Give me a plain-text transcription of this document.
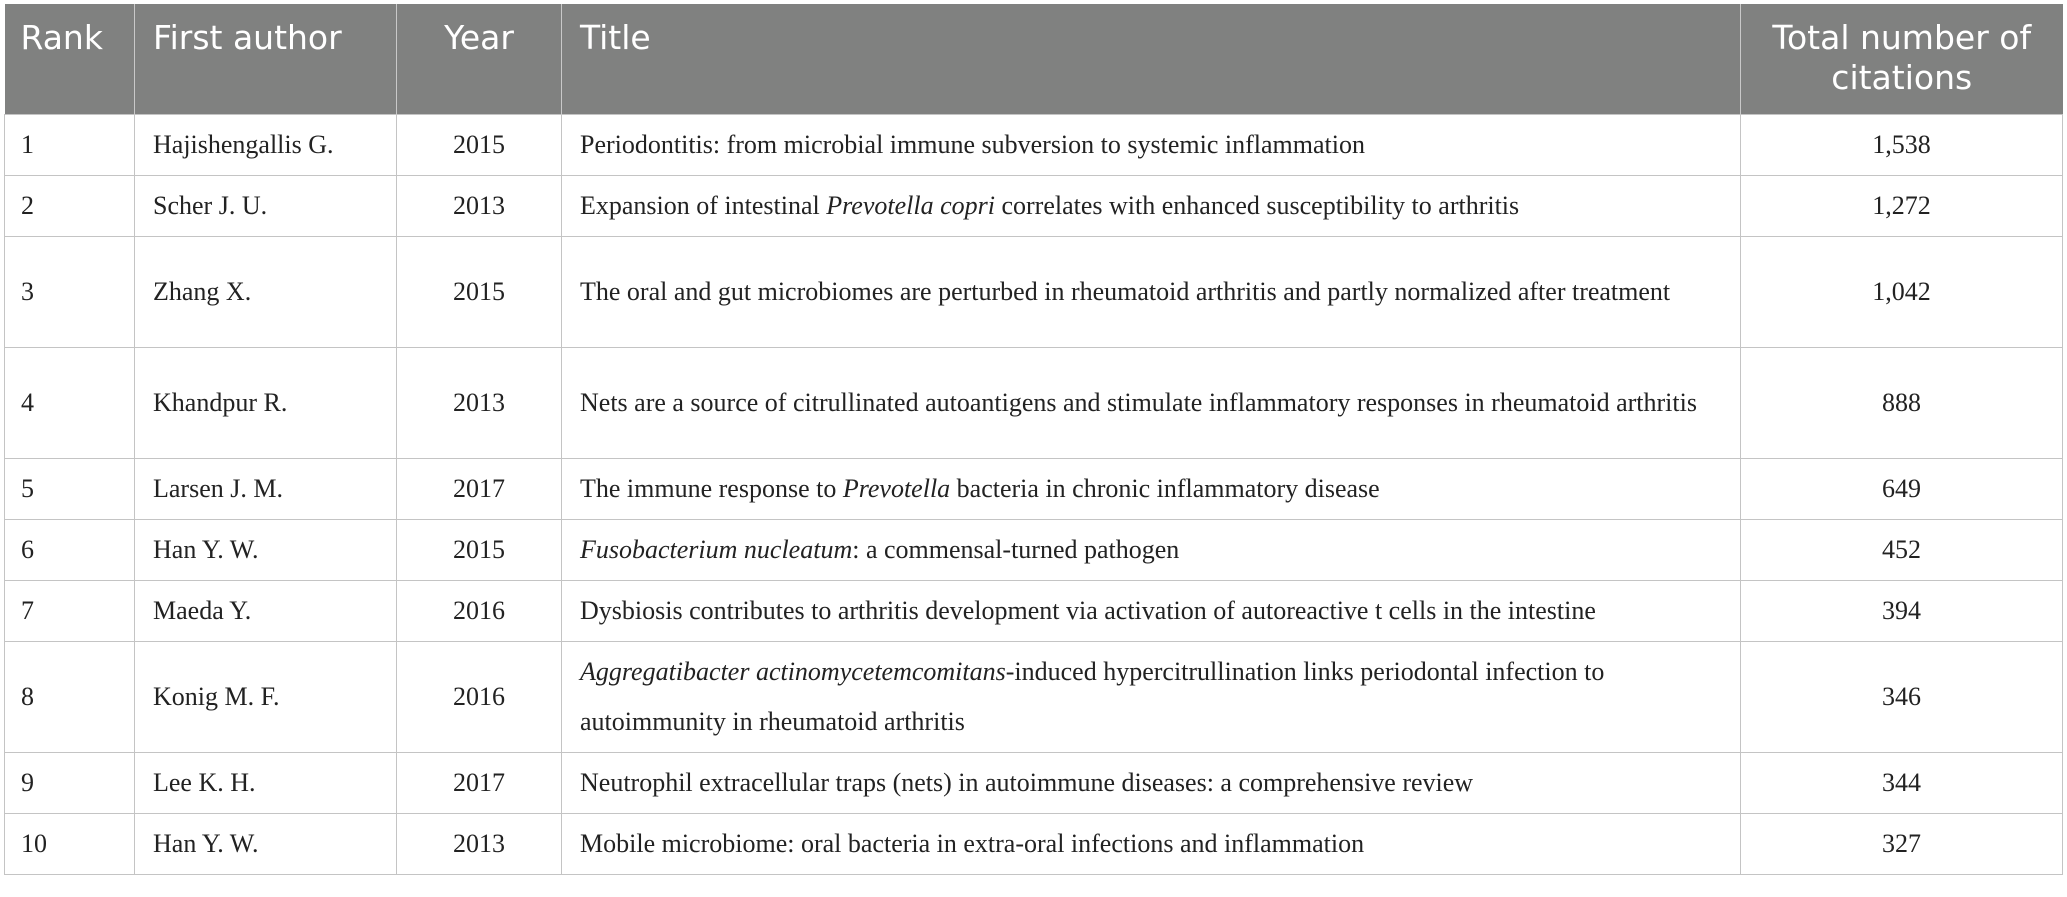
Rank	First author	Year	Title	Total number of citations
1	Hajishengallis G.	2015	Periodontitis: from microbial immune subversion to systemic inflammation	1,538
2	Scher J. U.	2013	Expansion of intestinal Prevotella copri correlates with enhanced susceptibility to arthritis	1,272
3	Zhang X.	2015	The oral and gut microbiomes are perturbed in rheumatoid arthritis and partly normalized after treatment	1,042
4	Khandpur R.	2013	Nets are a source of citrullinated autoantigens and stimulate inflammatory responses in rheumatoid arthritis	888
5	Larsen J. M.	2017	The immune response to Prevotella bacteria in chronic inflammatory disease	649
6	Han Y. W.	2015	Fusobacterium nucleatum: a commensal-turned pathogen	452
7	Maeda Y.	2016	Dysbiosis contributes to arthritis development via activation of autoreactive t cells in the intestine	394
8	Konig M. F.	2016	Aggregatibacter actinomycetemcomitans-induced hypercitrullination links periodontal infection to autoimmunity in rheumatoid arthritis	346
9	Lee K. H.	2017	Neutrophil extracellular traps (nets) in autoimmune diseases: a comprehensive review	344
10	Han Y. W.	2013	Mobile microbiome: oral bacteria in extra-oral infections and inflammation	327
